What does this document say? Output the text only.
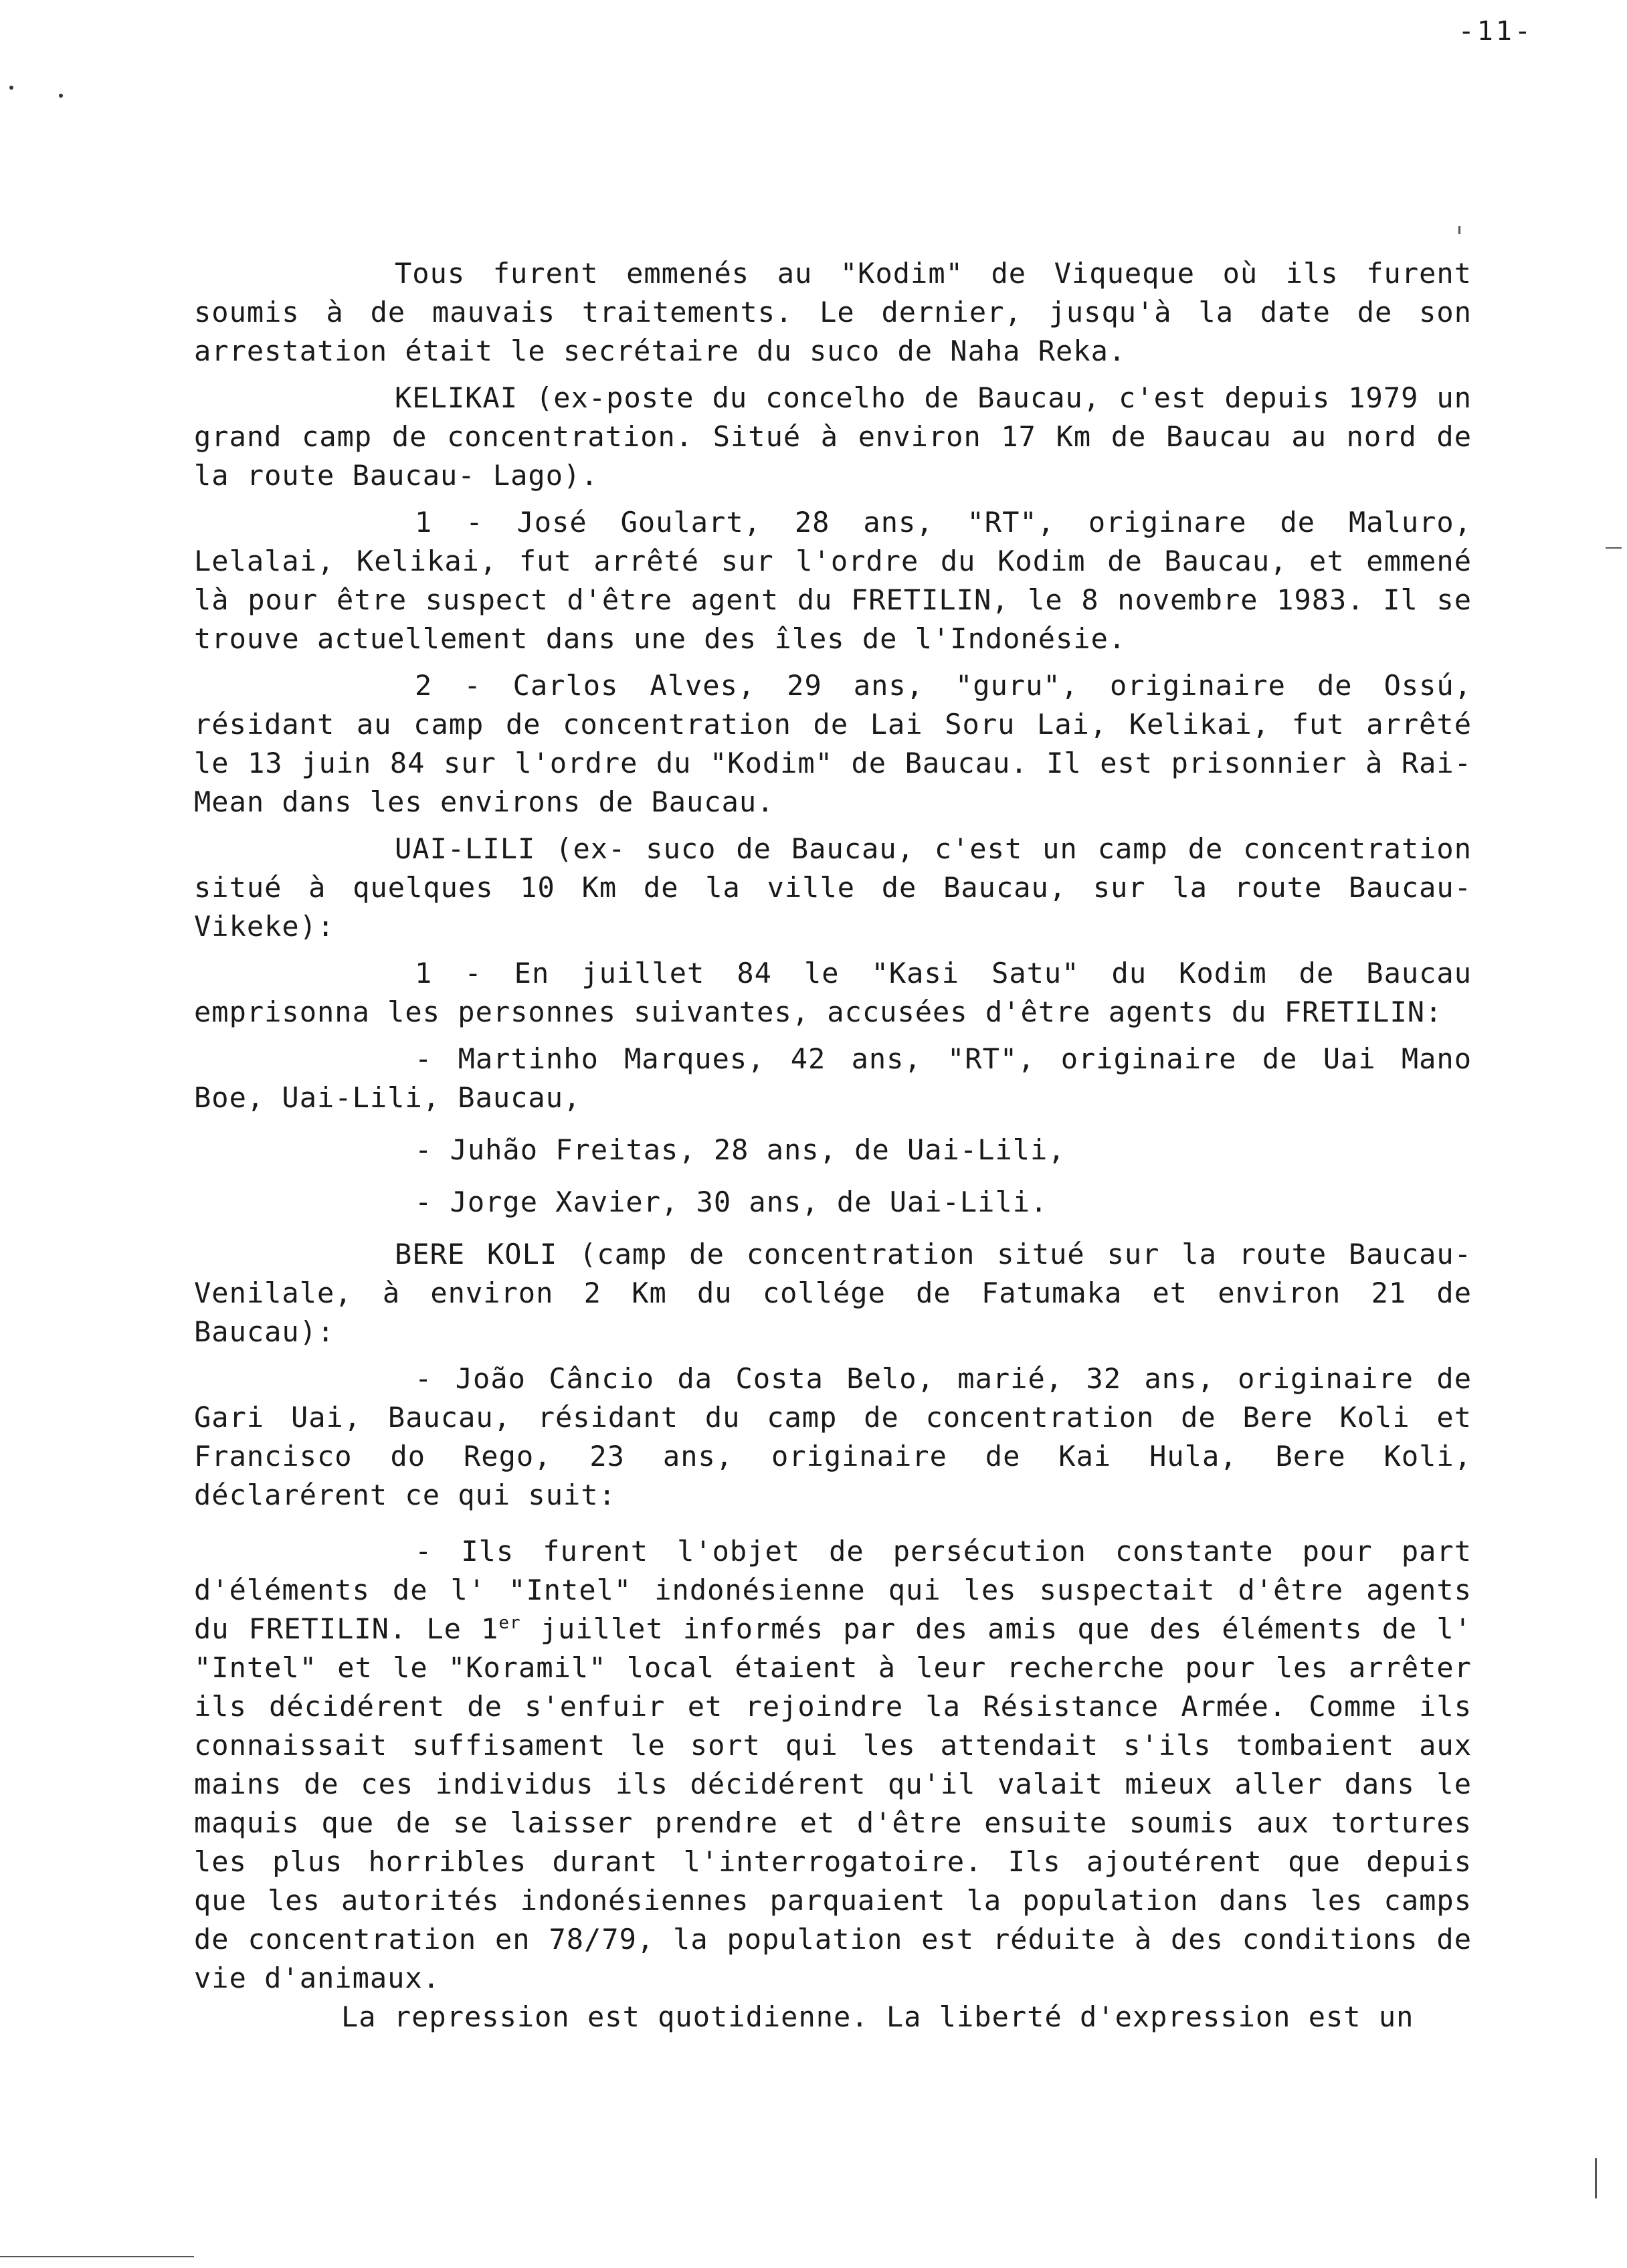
-11-

Tous furent emmenés au "Kodim" de Viqueque où ils furent soumis à de mauvais traitements. Le dernier, jusqu'à la date de son arrestation était le secrétaire du suco de Naha Reka.

KELIKAI (ex-poste du concelho de Baucau, c'est depuis 1979 un grand camp de concentration. Situé à environ 17 Km de Baucau au nord de la route Baucau- Lago).

1 - José Goulart, 28 ans, "RT", originare de Maluro, Lelalai, Kelikai, fut arrêté sur l'ordre du Kodim de Baucau, et emmené là pour être suspect d'être agent du FRETILIN, le 8 novembre 1983. Il se trouve actuellement dans une des îles de l'Indonésie.

2 - Carlos Alves, 29 ans, "guru", originaire de Ossú, résidant au camp de concentration de Lai Soru Lai, Kelikai, fut arrêté le 13 juin 84 sur l'ordre du "Kodim" de Baucau. Il est prisonnier à Rai-Mean dans les environs de Baucau.

UAI-LILI (ex- suco de Baucau, c'est un camp de concentration situé à quelques 10 Km de la ville de Baucau, sur la route Baucau-Vikeke):

1 - En juillet 84 le "Kasi Satu" du Kodim de Baucau emprisonna les personnes suivantes, accusées d'être agents du FRETILIN:

- Martinho Marques, 42 ans, "RT", originaire de Uai Mano Boe, Uai-Lili, Baucau,

- Juhão Freitas, 28 ans, de Uai-Lili,

- Jorge Xavier, 30 ans, de Uai-Lili.

BERE KOLI (camp de concentration situé sur la route Baucau-Venilale, à environ 2 Km du collége de Fatumaka et environ 21 de Baucau):

- João Câncio da Costa Belo, marié, 32 ans, originaire de Gari Uai, Baucau, résidant du camp de concentration de Bere Koli et Francisco do Rego, 23 ans, originaire de Kai Hula, Bere Koli, déclarérent ce qui suit:

- Ils furent l'objet de persécution constante pour part d'éléments de l' "Intel" indonésienne qui les suspectait d'être agents du FRETILIN. Le 1er juillet informés par des amis que des éléments de l' "Intel" et le "Koramil" local étaient à leur recherche pour les arrêter ils décidérent de s'enfuir et rejoindre la Résistance Armée. Comme ils connaissait suffisament le sort qui les attendait s'ils tombaient aux mains de ces individus ils décidérent qu'il valait mieux aller dans le maquis que de se laisser prendre et d'être ensuite soumis aux tortures les plus horribles durant l'interrogatoire. Ils ajoutérent que depuis que les autorités indonésiennes parquaient la population dans les camps de concentration en 78/79, la population est réduite à des conditions de vie d'animaux.

La repression est quotidienne. La liberté d'expression est un
